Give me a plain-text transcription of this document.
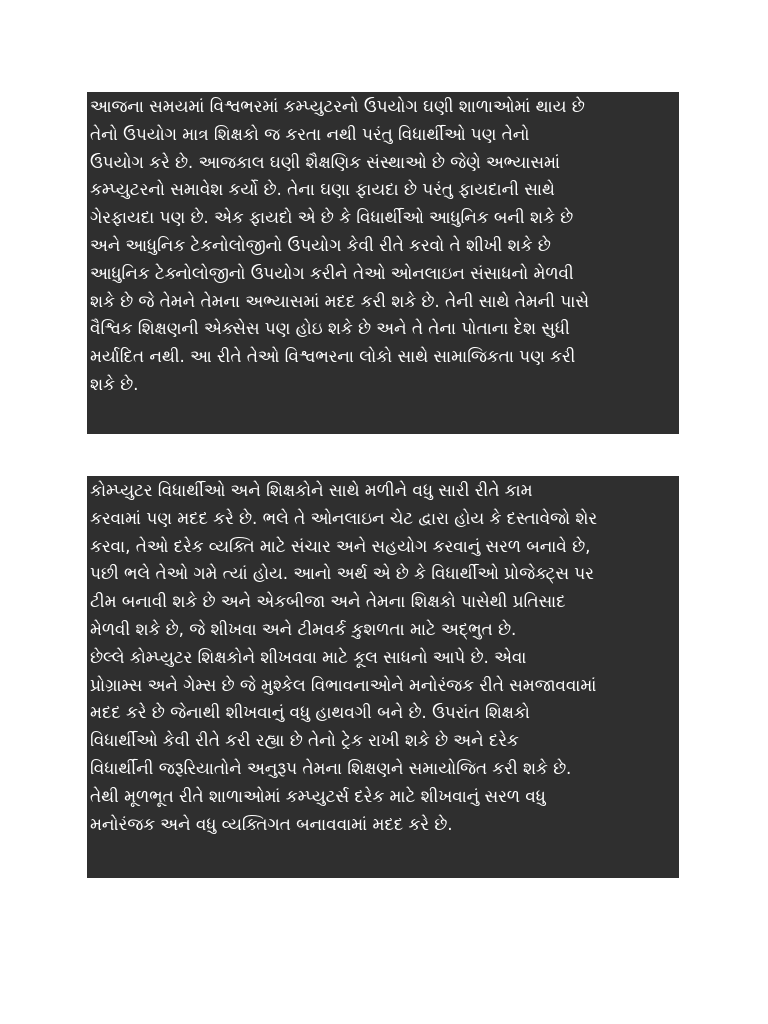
આજના સમયમાં વિશ્વભરમાં કમ્પ્યુટરનો ઉપયોગ ઘણી શાળાઓમાં થાય છે
તેનો ઉપયોગ માત્ર શિક્ષકો જ કરતા નથી પરંતુ વિધાર્થીઓ પણ તેનો
ઉપયોગ કરે છે. આજકાલ ઘણી શૈક્ષણિક સંસ્થાઓ છે જેણે અભ્યાસમાં
કમ્પ્યુટરનો સમાવેશ કર્યો છે. તેના ઘણા ફાયદા છે પરંતુ ફાયદાની સાથે
ગેરફાયદા પણ છે. એક ફાયદો એ છે કે વિધાર્થીઓ આધુનિક બની શકે છે
અને આધુનિક ટેકનોલોજીનો ઉપયોગ કેવી રીતે કરવો તે શીખી શકે છે
આધુનિક ટેક્નોલોજીનો ઉપયોગ કરીને તેઓ ઓનલાઇન સંસાધનો મેળવી
શકે છે જે તેમને તેમના અભ્યાસમાં મદદ કરી શકે છે. તેની સાથે તેમની પાસે
વૈશ્વિક શિક્ષણની એક્સેસ પણ હોઇ શકે છે અને તે તેના પોતાના દેશ સુધી
મર્યાદિત નથી. આ રીતે તેઓ વિશ્વભરના લોકો સાથે સામાજિકતા પણ કરી
શકે છે.
કોમ્પ્યુટર વિધાર્થીઓ અને શિક્ષકોને સાથે મળીને વધુ સારી રીતે કામ
કરવામાં પણ મદદ કરે છે. ભલે તે ઓનલાઇન ચેટ દ્વારા હોય કે દસ્તાવેજો શેર
કરવા, તેઓ દરેક વ્યક્તિ માટે સંચાર અને સહયોગ કરવાનું સરળ બનાવે છે,
પછી ભલે તેઓ ગમે ત્યાં હોય. આનો અર્થ એ છે કે વિધાર્થીઓ પ્રોજેક્ટ્સ પર
ટીમ બનાવી શકે છે અને એકબીજા અને તેમના શિક્ષકો પાસેથી પ્રતિસાદ
મેળવી શકે છે, જે શીખવા અને ટીમવર્ક કુશળતા માટે અદ્ભુત છે.
છેલ્લે કોમ્પ્યુટર શિક્ષકોને શીખવવા માટે કૂલ સાધનો આપે છે. એવા
પ્રોગ્રામ્સ અને ગેમ્સ છે જે મુશ્કેલ વિભાવનાઓને મનોરંજક રીતે સમજાવવામાં
મદદ કરે છે જેનાથી શીખવાનું વધુ હાથવગી બને છે. ઉપરાંત શિક્ષકો
વિધાર્થીઓ કેવી રીતે કરી રહ્યા છે તેનો ટ્રેક રાખી શકે છે અને દરેક
વિધાર્થીની જરૂરિયાતોને અનુરૂપ તેમના શિક્ષણને સમાયોજિત કરી શકે છે.
તેથી મૂળભૂત રીતે શાળાઓમાં કમ્પ્યુટર્સ દરેક માટે શીખવાનું સરળ વધુ
મનોરંજક અને વધુ વ્યક્તિગત બનાવવામાં મદદ કરે છે.
